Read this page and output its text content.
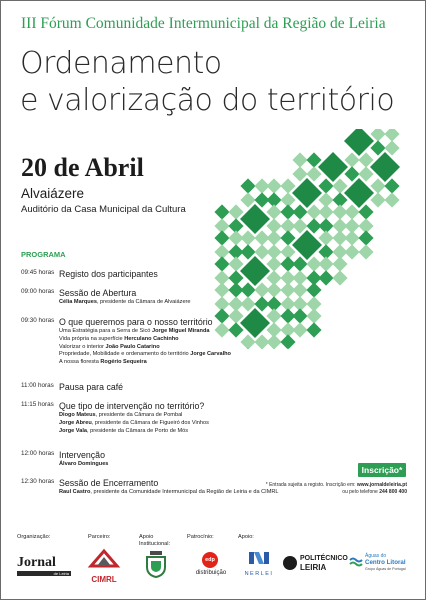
III Fórum Comunidade Intermunicipal da Região de Leiria
Ordenamento
e valorização do território
20 de Abril
Alvaiázere
Auditório da Casa Municipal da Cultura
PROGRAMA
09:45 horas Registo dos participantes
09:00 horas Sessão de Abertura
Célia Marques, presidente da Câmara de Alvaiázere
09:30 horas O que queremos para o nosso território
Uma Estratégia para a Serra de Sicó Jorge Miguel Miranda
Vida própria na superfície Herculano Cachinho
Valorizar o interior João Paulo Catarino
Propriedade, Mobilidade e ordenamento do território Jorge Carvalho
A nossa floresta Rogério Sequeira
11:00 horas Pausa para café
11:15 horas Que tipo de intervenção no território?
Diogo Mateus, presidente da Câmara de Pombal
Jorge Abreu, presidente da Câmara de Figueiró dos Vinhos
Jorge Vala, presidente da Câmara de Porto de Mós
12:00 horas Intervenção
Álvaro Domingues
12:30 horas Sessão de Encerramento
Raul Castro, presidente da Comunidade Intermunicipal da Região de Leiria e da CIMRL
Inscrição*
* Entrada sujeita a registo. Inscrição em: www.jornaldeleiria.pt
ou pelo telefone 244 800 400
Organização:	Parceiro:	Apoio
Institucional:
Patrocínio:	Apoio:
Jornal
de Leiria
CIMRL
edp
distribuição	NERLEI
POLITÉCNICO
LEIRIA
Águas do
Centro Litoral
Grupo Águas de Portugal
